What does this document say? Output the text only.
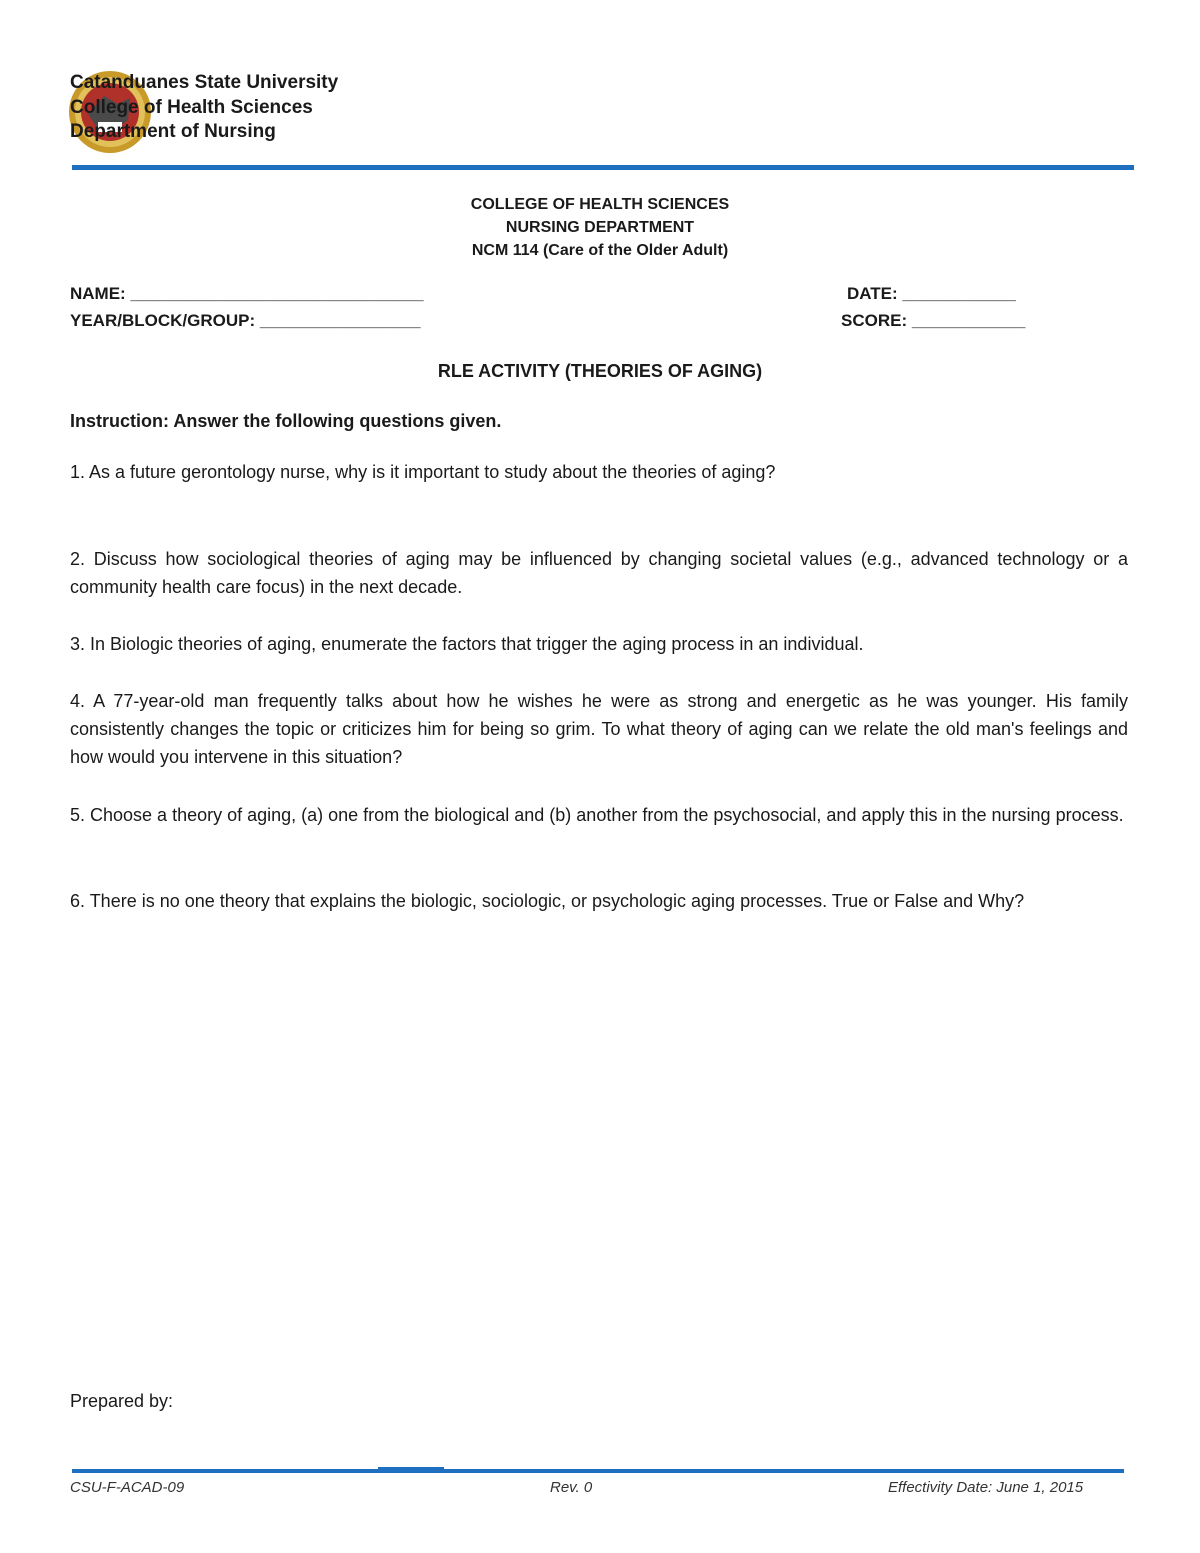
Catanduanes State University
College of Health Sciences
Department of Nursing
COLLEGE OF HEALTH SCIENCES
NURSING DEPARTMENT
NCM 114 (Care of the Older Adult)
NAME: _______________________________	DATE: ____________
YEAR/BLOCK/GROUP: _________________	SCORE: ____________
RLE ACTIVITY (THEORIES OF AGING)
Instruction: Answer the following questions given.
1. As a future gerontology nurse, why is it important to study about the theories of aging?
2. Discuss how sociological theories of aging may be influenced by changing societal values (e.g., advanced technology or a community health care focus) in the next decade.
3. In Biologic theories of aging, enumerate the factors that trigger the aging process in an individual.
4. A 77-year-old man frequently talks about how he wishes he were as strong and energetic as he was younger. His family consistently changes the topic or criticizes him for being so grim. To what theory of aging can we relate the old man's feelings and how would you intervene in this situation?
5. Choose a theory of aging, (a) one from the biological and (b) another from the psychosocial, and apply this in the nursing process.
6. There is no one theory that explains the biologic, sociologic, or psychologic aging processes. True or False and Why?
Prepared by:
CSU-F-ACAD-09	Rev. 0	Effectivity Date: June 1, 2015
